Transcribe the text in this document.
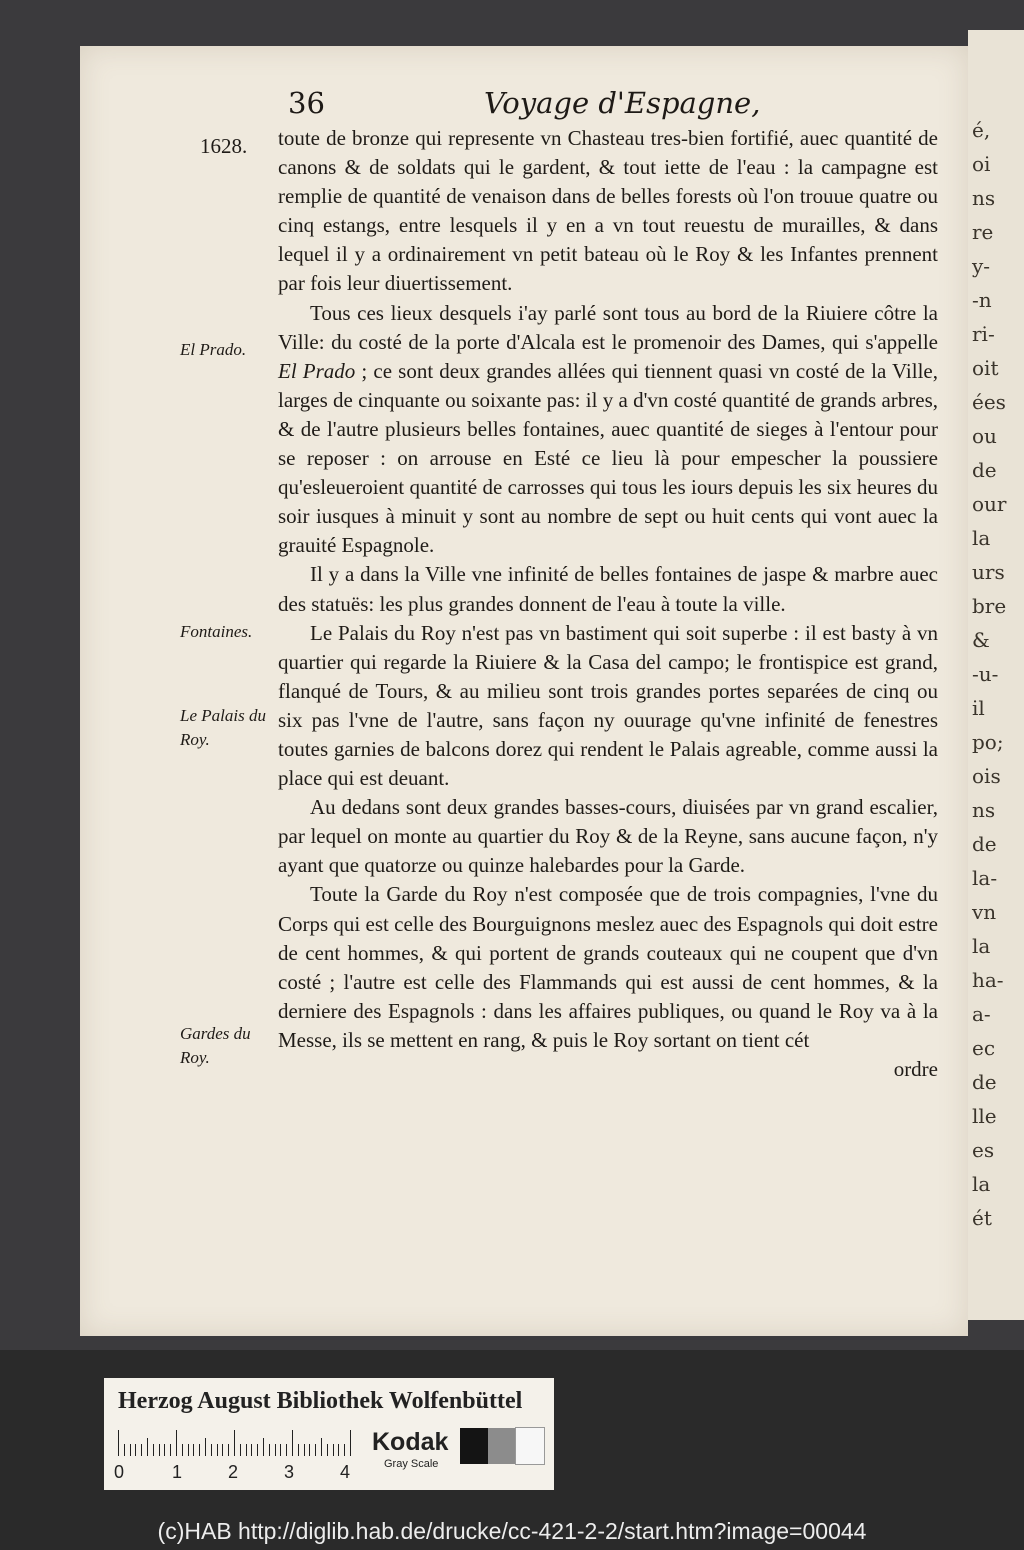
é,
oi
ns
re
y-
-n
ri-
oit
ées
ou
de
our
la
urs
bre
&
-u-
il
po;
ois
ns
de
la-
vn
la
ha-
a-
ec
de
lle
es
la
ét
36	Voyage d'Espagne,
1628.
El Prado.
Fontaines.
Le Palais du Roy.
Gardes du Roy.

toute de bronze qui represente vn Chasteau tres-bien fortifié, auec quantité de canons & de soldats qui le gardent, & tout iette de l'eau : la campagne est remplie de quantité de venaison dans de belles forests où l'on trouue quatre ou cinq estangs, entre lesquels il y en a vn tout reuestu de murailles, & dans lequel il y a ordinairement vn petit bateau où le Roy & les Infantes prennent par fois leur diuertissement.

Tous ces lieux desquels i'ay parlé sont tous au bord de la Riuiere côtre la Ville: du costé de la porte d'Alcala est le promenoir des Dames, qui s'appelle El Prado ; ce sont deux grandes allées qui tiennent quasi vn costé de la Ville, larges de cinquante ou soixante pas: il y a d'vn costé quantité de grands arbres, & de l'autre plusieurs belles fontaines, auec quantité de sieges à l'entour pour se reposer : on arrouse en Esté ce lieu là pour empescher la poussiere qu'esleueroient quantité de carrosses qui tous les iours depuis les six heures du soir iusques à minuit y sont au nombre de sept ou huit cents qui vont auec la grauité Espagnole.

Il y a dans la Ville vne infinité de belles fontaines de jaspe & marbre auec des statuës: les plus grandes donnent de l'eau à toute la ville.

Le Palais du Roy n'est pas vn bastiment qui soit superbe : il est basty à vn quartier qui regarde la Riuiere & la Casa del campo; le frontispice est grand, flanqué de Tours, & au milieu sont trois grandes portes separées de cinq ou six pas l'vne de l'autre, sans façon ny ouurage qu'vne infinité de fenestres toutes garnies de balcons dorez qui rendent le Palais agreable, comme aussi la place qui est deuant.

Au dedans sont deux grandes basses-cours, diuisées par vn grand escalier, par lequel on monte au quartier du Roy & de la Reyne, sans aucune façon, n'y ayant que quatorze ou quinze halebardes pour la Garde.

Toute la Garde du Roy n'est composée que de trois compagnies, l'vne du Corps qui est celle des Bourguignons meslez auec des Espagnols qui doit estre de cent hommes, & qui portent de grands couteaux qui ne coupent que d'vn costé ; l'autre est celle des Flammands qui est aussi de cent hommes, & la derniere des Espagnols : dans les affaires publiques, ou quand le Roy va à la Messe, ils se mettent en rang, & puis le Roy sortant on tient cét

ordre

Herzog August Bibliothek Wolfenbüttel
0	1	2	3	4
Kodak
Gray Scale
(c)HAB http://diglib.hab.de/drucke/cc-421-2-2/start.htm?image=00044
